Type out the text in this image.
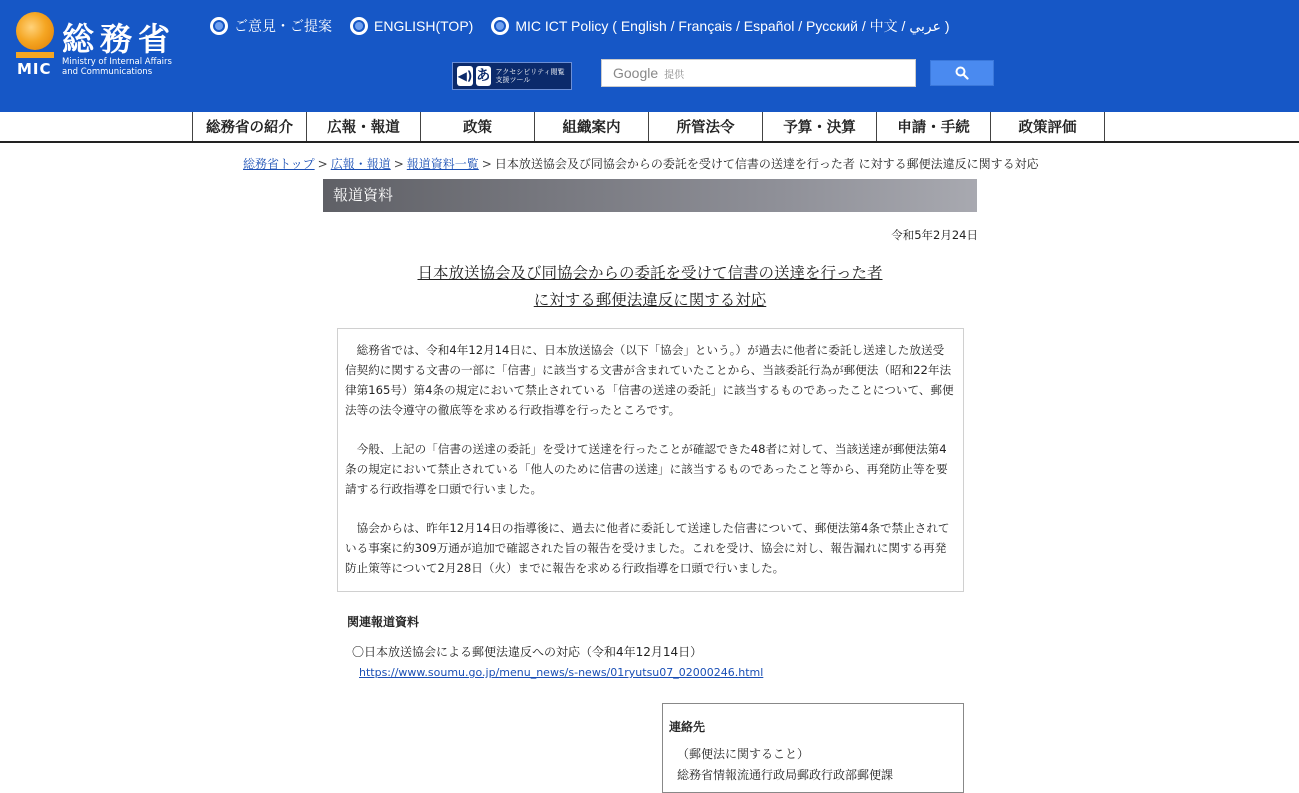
総務省
MIC Ministry of Internal Affairs
and Communications
ご意見・ご提案	ENGLISH(TOP)	MIC ICT Policy ( English / Français / Español / Русский / 中文 / عربي )
◀) あ アクセシビリティ閲覧支援ツール	Google 提供
総務省の紹介	広報・報道	政策	組織案内	所管法令	予算・決算	申請・手続	政策評価
総務省トップ > 広報・報道 > 報道資料一覧 > 日本放送協会及び同協会からの委託を受けて信書の送達を行った者 に対する郵便法違反に関する対応
報道資料
令和5年2月24日
日本放送協会及び同協会からの委託を受けて信書の送達を行った者
に対する郵便法違反に関する対応

総務省では、令和4年12月14日に、日本放送協会（以下「協会」という。）が過去に他者に委託し送達した放送受信契約に関する文書の一部に「信書」に該当する文書が含まれていたことから、当該委託行為が郵便法（昭和22年法律第165号）第4条の規定において禁止されている「信書の送達の委託」に該当するものであったことについて、郵便法等の法令遵守の徹底等を求める行政指導を行ったところです。

今般、上記の「信書の送達の委託」を受けて送達を行ったことが確認できた48者に対して、当該送達が郵便法第4条の規定において禁止されている「他人のために信書の送達」に該当するものであったこと等から、再発防止等を要請する行政指導を口頭で行いました。

協会からは、昨年12月14日の指導後に、過去に他者に委託して送達した信書について、郵便法第4条で禁止されている事案に約309万通が追加で確認された旨の報告を受けました。これを受け、協会に対し、報告漏れに関する再発防止策等について2月28日（火）までに報告を求める行政指導を口頭で行いました。

関連報道資料
〇日本放送協会による郵便法違反への対応（令和4年12月14日）
https://www.soumu.go.jp/menu_news/s-news/01ryutsu07_02000246.html
連絡先
（郵便法に関すること）
総務省情報流通行政局郵政行政部郵便課
